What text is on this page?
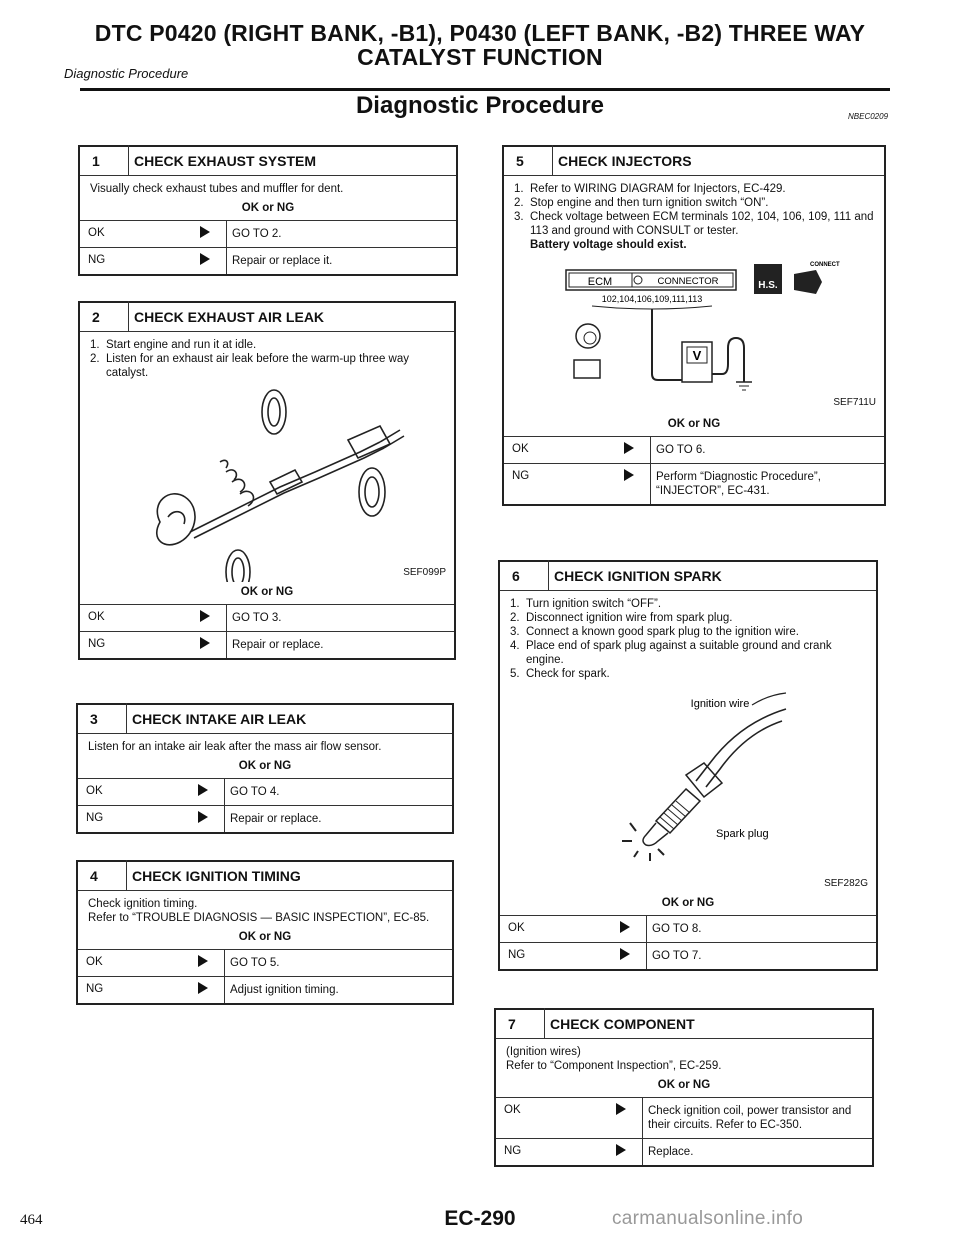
DTC P0420 (RIGHT BANK, -B1), P0430 (LEFT BANK, -B2) THREE WAY
CATALYST FUNCTION
Diagnostic Procedure
Diagnostic Procedure	NBEC0209
1 CHECK EXHAUST SYSTEM

Visually check exhaust tubes and muffler for dent.

OK or NG
OK	GO TO 2.
NG	Repair or replace it.
2 CHECK EXHAUST AIR LEAK
1. Start engine and run it at idle.
2. Listen for an exhaust air leak before the warm-up three way catalyst.
SEF099P
OK or NG
OK	GO TO 3.
NG	Repair or replace.
3 CHECK INTAKE AIR LEAK

Listen for an intake air leak after the mass air flow sensor.

OK or NG
OK	GO TO 4.
NG	Repair or replace.
4 CHECK IGNITION TIMING

Check ignition timing.

Refer to “TROUBLE DIAGNOSIS — BASIC INSPECTION”, EC-85.

OK or NG
OK	GO TO 5.
NG	Adjust ignition timing.
5 CHECK INJECTORS
1. Refer to WIRING DIAGRAM for Injectors, EC-429.
2. Stop engine and then turn ignition switch “ON”.
3. Check voltage between ECM terminals 102, 104, 106, 109, 111 and 113 and ground with CONSULT or tester.
Battery voltage should exist.
ECM	CONNECTOR
102,104,106,109,111,113
H.S.
CONNECT
V
SEF711U
OK or NG
OK	GO TO 6.
NG	Perform “Diagnostic Procedure”, “INJECTOR”, EC-431.
6 CHECK IGNITION SPARK
1. Turn ignition switch “OFF”.
2. Disconnect ignition wire from spark plug.
3. Connect a known good spark plug to the ignition wire.
4. Place end of spark plug against a suitable ground and crank engine.
5. Check for spark.
Ignition wire
Spark plug
SEF282G
OK or NG
OK	GO TO 8.
NG	GO TO 7.
7 CHECK COMPONENT

(Ignition wires)

Refer to “Component Inspection”, EC-259.

OK or NG
OK	Check ignition coil, power transistor and their circuits. Refer to EC-350.
NG	Replace.
464	EC-290	carmanualsonline.info
